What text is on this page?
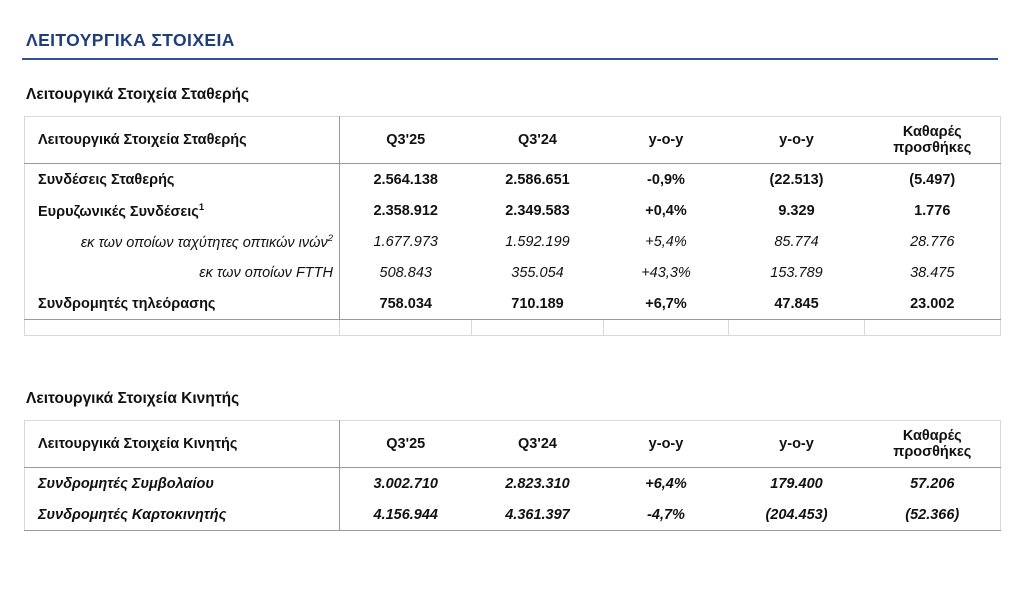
ΛΕΙΤΟΥΡΓΙΚΑ ΣΤΟΙΧΕΙΑ
Λειτουργικά Στοιχεία Σταθερής
Λειτουργικά Στοιχεία Σταθερής	Q3'25	Q3'24	y-o-y	y-o-y	Καθαρές
προσθήκες

Συνδέσεις Σταθερής	2.564.138	2.586.651	-0,9%	(22.513)	(5.497)
Ευρυζωνικές Συνδέσεις$^1$	2.358.912	2.349.583	+0,4%	9.329	1.776
εκ των οποίων ταχύτητες οπτικών ινών$^2$	1.677.973	1.592.199	+5,4%	85.774	28.776
εκ των οποίων FTTH	508.843	355.054	+43,3%	153.789	38.475
Συνδρομητές τηλεόρασης	758.034	710.189	+6,7%	47.845	23.002

Λειτουργικά Στοιχεία Κινητής
Λειτουργικά Στοιχεία Κινητής	Q3'25	Q3'24	y-o-y	y-o-y	Καθαρές
προσθήκες

Συνδρομητές Συμβολαίου	3.002.710	2.823.310	+6,4%	179.400	57.206
Συνδρομητές Καρτοκινητής	4.156.944	4.361.397	-4,7%	(204.453)	(52.366)
